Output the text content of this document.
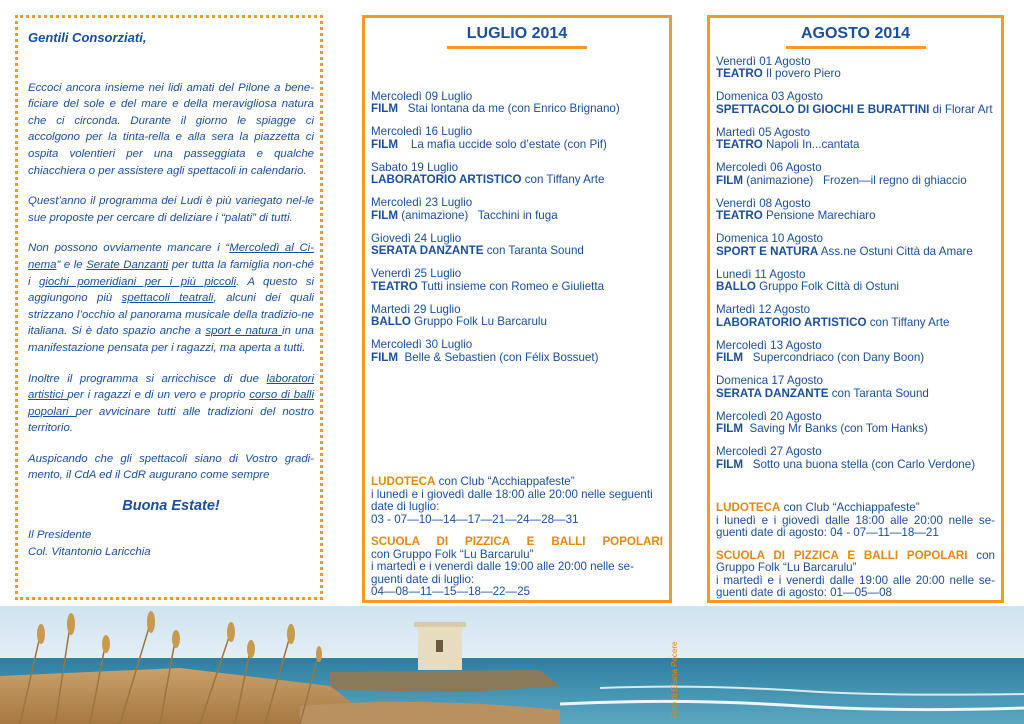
Gentili Consorziati,

Eccoci ancora insieme nei lidi amati del Pilone a bene-ficiare del sole e del mare e della meravigliosa natura che ci circonda. Durante il giorno le spiagge ci accolgono per la tinta-rella e alla sera la piazzetta ci ospita volentieri per una passeggiata e qualche chiacchiera o per assistere agli spettacoli in calendario.

Quest’anno il programma dei Ludi è più variegato nel-le sue proposte per cercare di deliziare i “palati” di tutti.

Non possono ovviamente mancare i “Mercoledì al Ci-nema” e le Serate Danzanti per tutta la famiglia non-ché i giochi pomeridiani per i più piccoli. A questo si aggiungono più spettacoli teatrali, alcuni dei quali strizzano l’occhio al panorama musicale della tradizio-ne italiana. Si è dato spazio anche a sport e natura in una manifestazione pensata per i ragazzi, ma aperta a tutti.

Inoltre il programma si arricchisce di due laboratori artistici per i ragazzi e di un vero e proprio corso di balli popolari per avvicinare tutti alle tradizioni del nostro territorio.

Auspicando che gli spettacoli siano di Vostro gradi-mento, il CdA ed il CdR augurano come sempre

Buona Estate!

Il Presidente

Col. Vitantonio Laricchia

LUGLIO 2014
Mercoledì 09 Luglio
FILM   Stai lontana da me (con Enrico Brignano)
Mercoledì 16 Luglio
FILM    La mafia uccide solo d’estate (con Pif)
Sabato 19 Luglio
LABORATORIO ARTISTICO con Tiffany Arte
Mercoledì 23 Luglio
FILM (animazione)   Tacchini in fuga
Giovedì 24 Luglio
SERATA DANZANTE con Taranta Sound
Venerdì 25 Luglio
TEATRO Tutti insieme con Romeo e Giulietta
Martedì 29 Luglio
BALLO Gruppo Folk Lu Barcarulu
Mercoledì 30 Luglio
FILM  Belle & Sebastien (con Félix Bossuet)
LUDOTECA con Club “Acchiappafeste”
i lunedì e i giovedì dalle 18:00 alle 20:00 nelle seguenti date di luglio:
03 - 07—10—14—17—21—24—28—31
SCUOLA DI PIZZICA E BALLI POPOLARI
con Gruppo Folk “Lu Barcarulu”
i martedì e i venerdì dalle 19:00 alle 20:00 nelle se-guenti date di luglio:
04—08—11—15—18—22—25
AGOSTO 2014
Venerdì 01 Agosto
TEATRO Il povero Piero
Domenica 03 Agosto
SPETTACOLO DI GIOCHI E BURATTINI di Florar Art
Martedì 05 Agosto
TEATRO Napoli In...cantata
Mercoledì 06 Agosto
FILM (animazione)   Frozen—il regno di ghiaccio
Venerdì 08 Agosto
TEATRO Pensione Marechiaro
Domenica 10 Agosto
SPORT E NATURA Ass.ne Ostuni Città da Amare
Lunedì 11 Agosto
BALLO Gruppo Folk Città di Ostuni
Martedì 12 Agosto
LABORATORIO ARTISTICO con Tiffany Arte
Mercoledì 13 Agosto
FILM   Supercondriaco (con Dany Boon)
Domenica 17 Agosto
SERATA DANZANTE con Taranta Sound
Mercoledì 20 Agosto
FILM  Saving Mr Banks (con Tom Hanks)
Mercoledì 27 Agosto
FILM   Sotto una buona stella (con Carlo Verdone)
LUDOTECA con Club “Acchiappafeste”
i lunedì e i giovedì dalle 18:00 alle 20:00 nelle se-guenti date di agosto: 04 - 07—11—18—21
SCUOLA DI PIZZICA E BALLI POPOLARI con Gruppo Folk “Lu Barcarulu”
i martedì e i venerdì dalle 19:00 alle 20:00 nelle se-guenti date di agosto: 01—05—08
Foto di Eliana Pecere
